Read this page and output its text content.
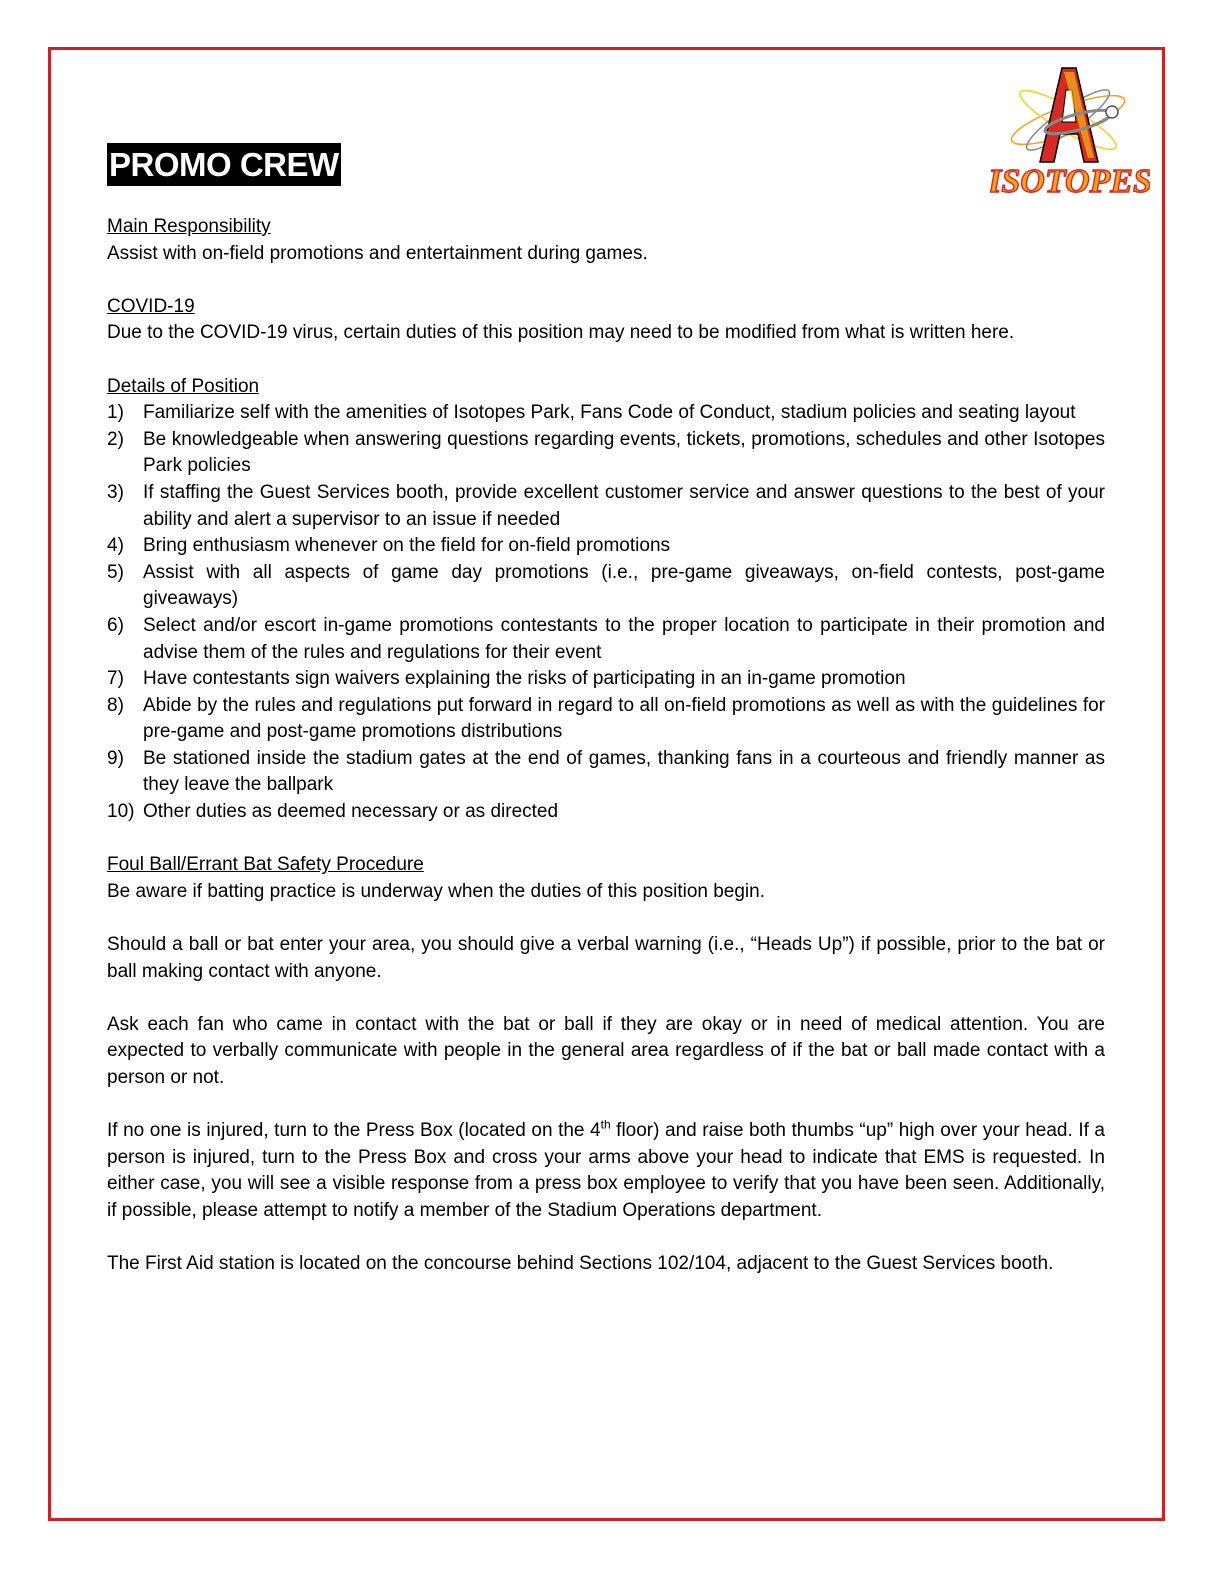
ISOTOPES
PROMO CREW
Main Responsibility

Assist with on-field promotions and entertainment during games.

COVID-19

Due to the COVID-19 virus, certain duties of this position may need to be modified from what is written here.

Details of Position
1) Familiarize self with the amenities of Isotopes Park, Fans Code of Conduct, stadium policies and seating layout
2) Be knowledgeable when answering questions regarding events, tickets, promotions, schedules and other Isotopes Park policies
3) If staffing the Guest Services booth, provide excellent customer service and answer questions to the best of your ability and alert a supervisor to an issue if needed
4) Bring enthusiasm whenever on the field for on-field promotions
5) Assist with all aspects of game day promotions (i.e., pre-game giveaways, on-field contests, post-game giveaways)
6) Select and/or escort in-game promotions contestants to the proper location to participate in their promotion and advise them of the rules and regulations for their event
7) Have contestants sign waivers explaining the risks of participating in an in-game promotion
8) Abide by the rules and regulations put forward in regard to all on-field promotions as well as with the guidelines for pre-game and post-game promotions distributions
9) Be stationed inside the stadium gates at the end of games, thanking fans in a courteous and friendly manner as they leave the ballpark
10) Other duties as deemed necessary or as directed
Foul Ball/Errant Bat Safety Procedure

Be aware if batting practice is underway when the duties of this position begin.

Should a ball or bat enter your area, you should give a verbal warning (i.e., “Heads Up”) if possible, prior to the bat or ball making contact with anyone.

Ask each fan who came in contact with the bat or ball if they are okay or in need of medical attention. You are expected to verbally communicate with people in the general area regardless of if the bat or ball made contact with a person or not.

If no one is injured, turn to the Press Box (located on the 4th floor) and raise both thumbs “up” high over your head. If a person is injured, turn to the Press Box and cross your arms above your head to indicate that EMS is requested. In either case, you will see a visible response from a press box employee to verify that you have been seen. Additionally, if possible, please attempt to notify a member of the Stadium Operations department.

The First Aid station is located on the concourse behind Sections 102/104, adjacent to the Guest Services booth.
